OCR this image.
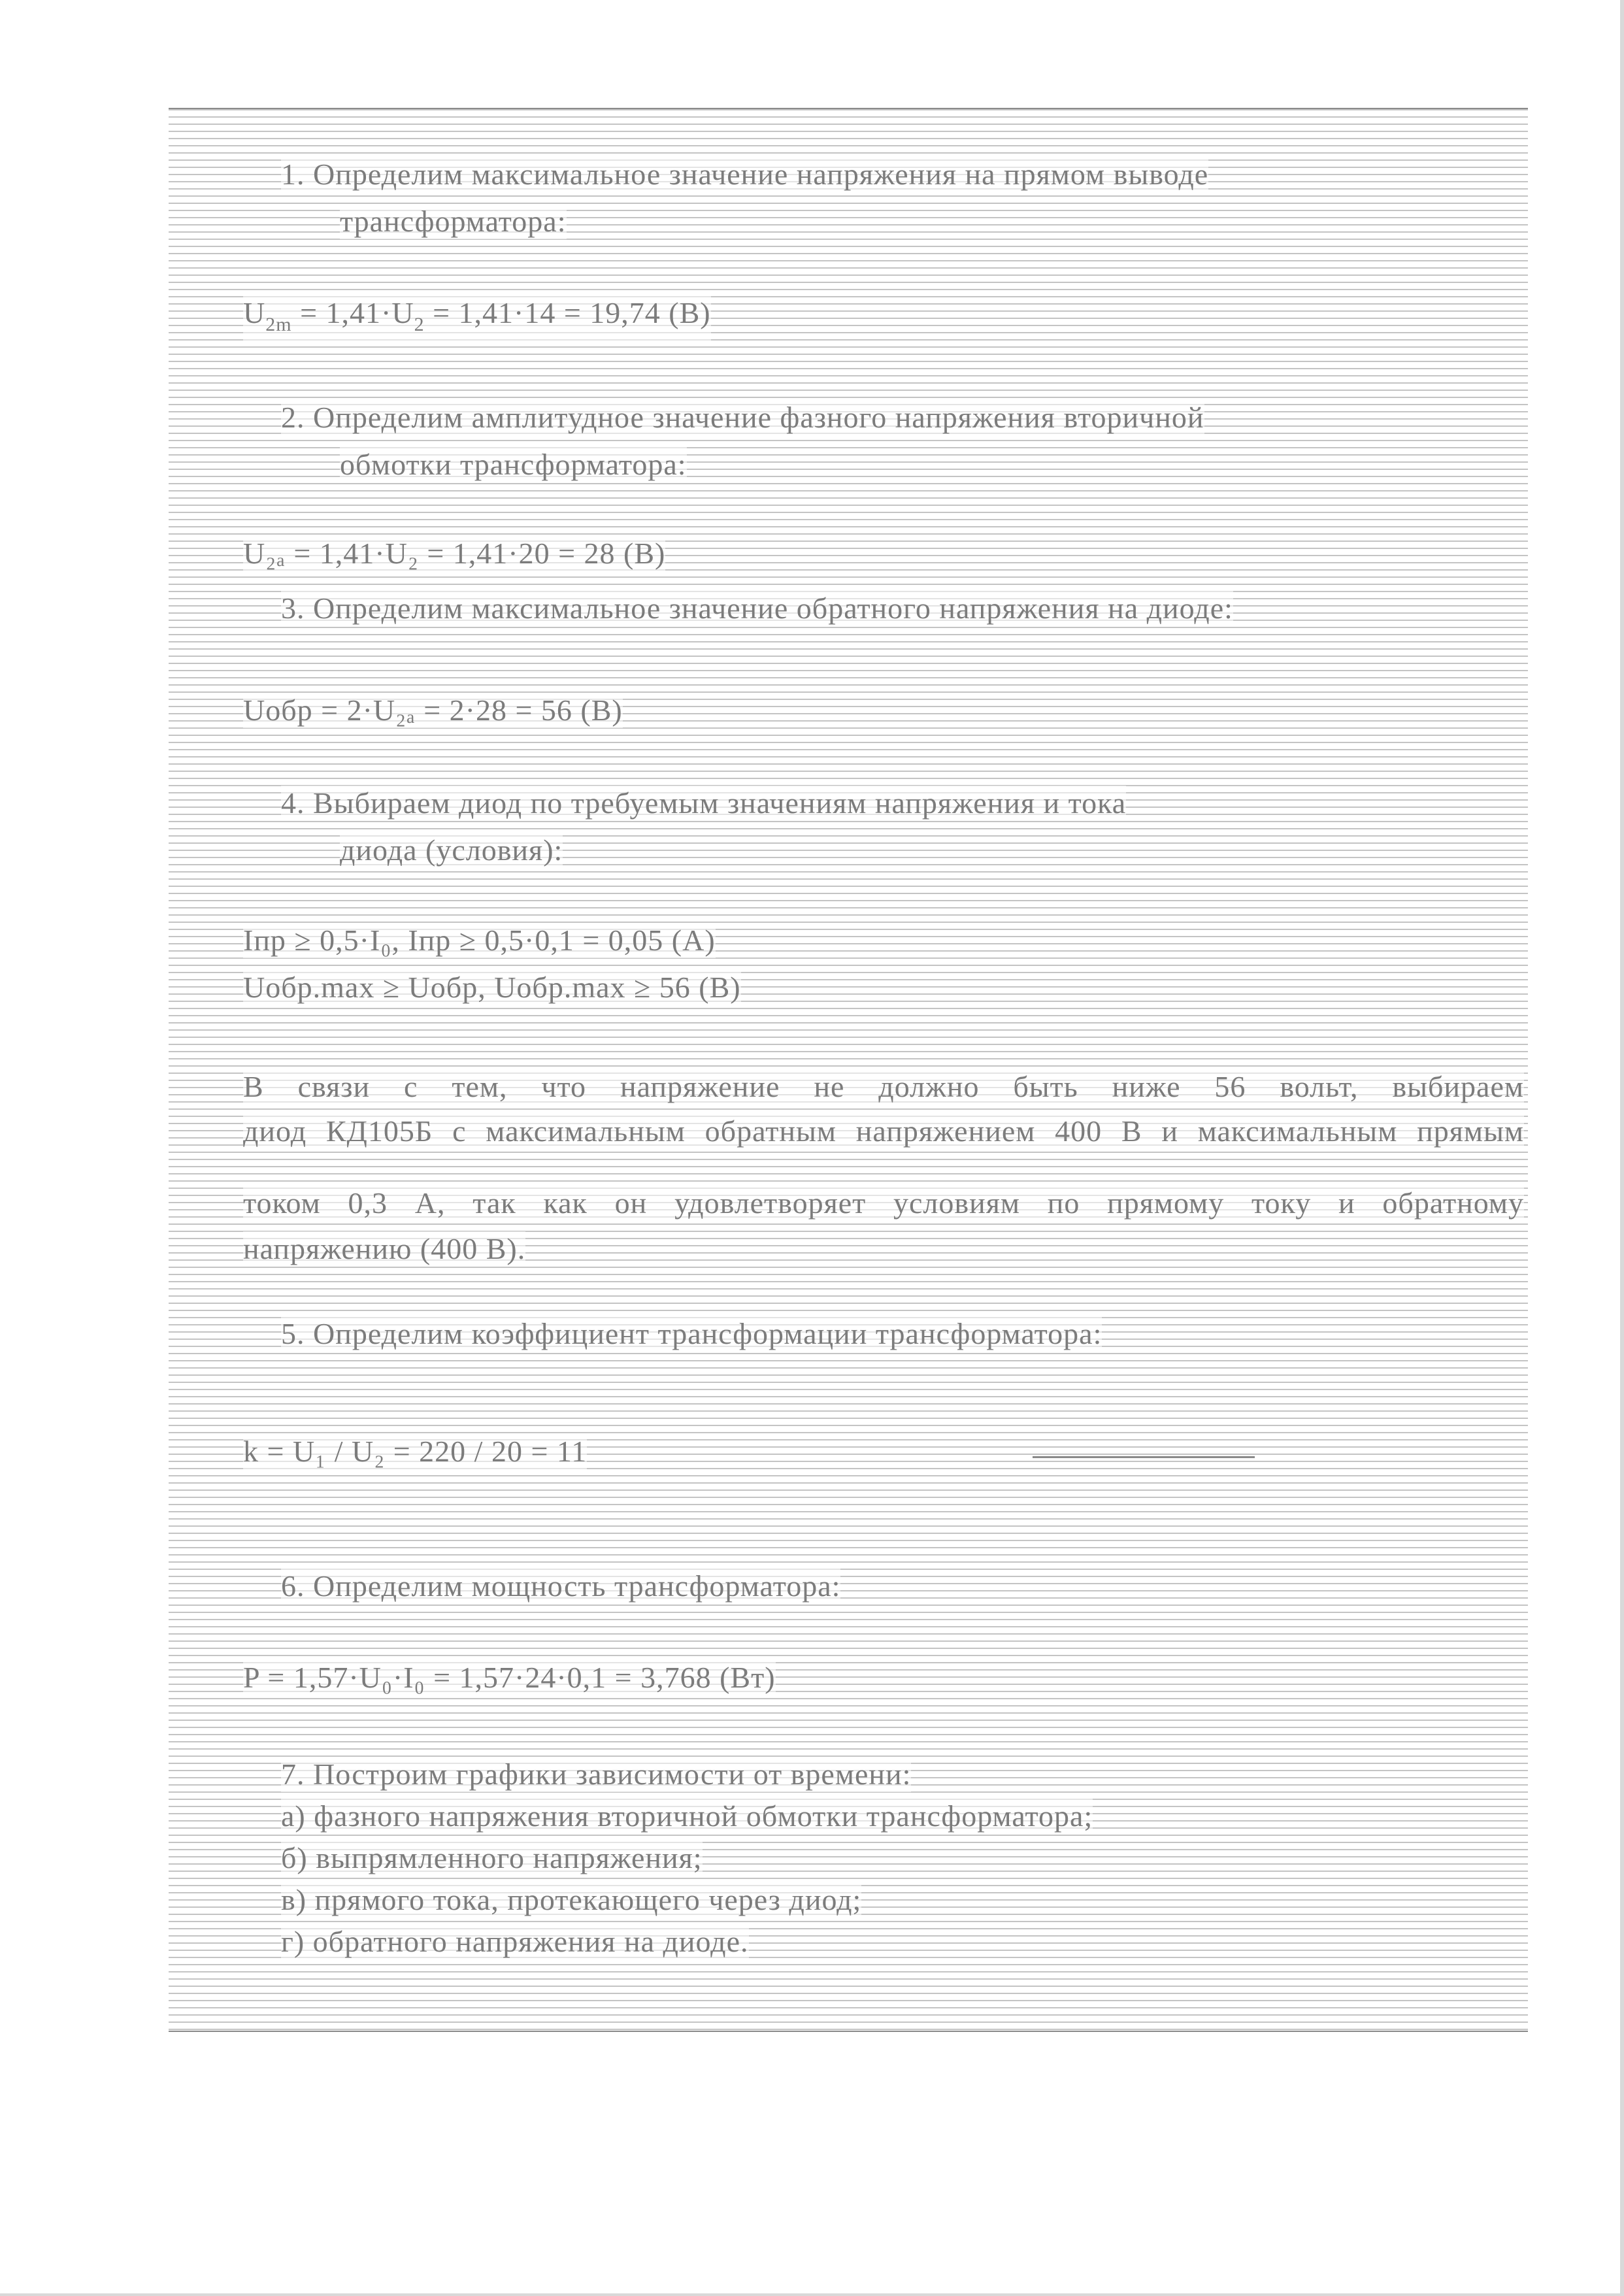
1. Определим максимальное значение напряжения на прямом выводе
трансформатора:
$U_{2m} = 1,41\cdot U_2 = 1,41\cdot 14 = 19,74$ (В)
2. Определим амплитудное значение фазного напряжения вторичной
обмотки трансформатора:
U₂ₐ = 1,41·U₂ = 1,41·20 = 28 (В)
3. Определим максимальное значение обратного напряжения на диоде:
Uобр = 2·U₂ₐ = 2·28 = 56 (В)
4. Выбираем диод по требуемым значениям напряжения и тока
диода (условия):
Iпр ≥ 0,5·I₀, Iпр ≥ 0,5·0,1 = 0,05 (А)
Uобр.max ≥ Uобр, Uобр.max ≥ 56 (В)
В связи с тем, что напряжение не должно быть ниже 56 вольт, выбираем
диод КД105Б с максимальным обратным напряжением 400 В и максимальным прямым
током 0,3 А, так как он удовлетворяет условиям по прямому току и обратному
напряжению (400 В).
5. Определим коэффициент трансформации трансформатора:
k = U₁ / U₂ = 220 / 20 = 11
6. Определим мощность трансформатора:
P = 1,57·U₀·I₀ = 1,57·24·0,1 = 3,768 (Вт)
7. Построим графики зависимости от времени:
а) фазного напряжения вторичной обмотки трансформатора;
б) выпрямленного напряжения;
в) прямого тока, протекающего через диод;
г) обратного напряжения на диоде.
